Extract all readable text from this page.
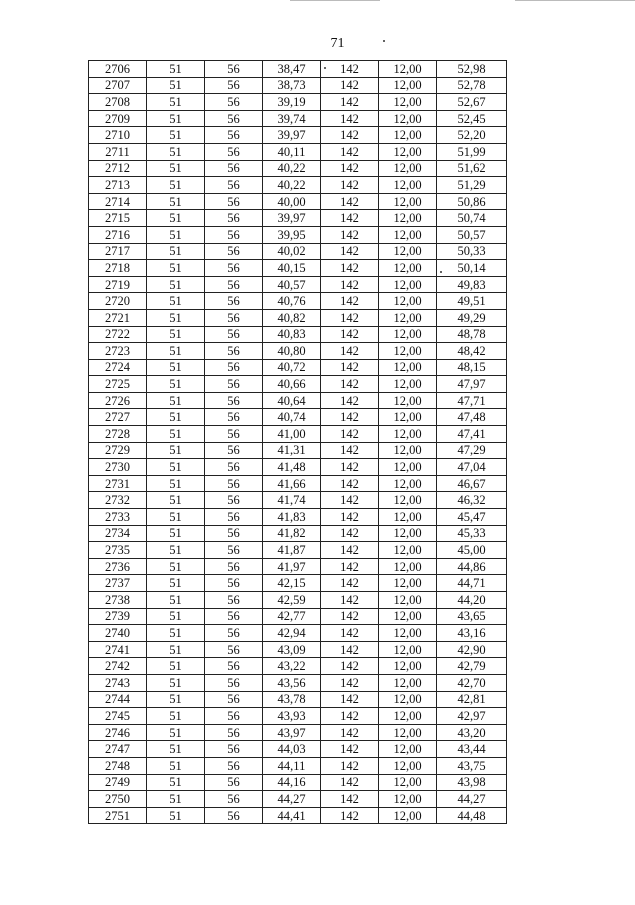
71
2706	51	56	38,47	142	12,00	52,98
2707	51	56	38,73	142	12,00	52,78
2708	51	56	39,19	142	12,00	52,67
2709	51	56	39,74	142	12,00	52,45
2710	51	56	39,97	142	12,00	52,20
2711	51	56	40,11	142	12,00	51,99
2712	51	56	40,22	142	12,00	51,62
2713	51	56	40,22	142	12,00	51,29
2714	51	56	40,00	142	12,00	50,86
2715	51	56	39,97	142	12,00	50,74
2716	51	56	39,95	142	12,00	50,57
2717	51	56	40,02	142	12,00	50,33
2718	51	56	40,15	142	12,00	50,14
2719	51	56	40,57	142	12,00	49,83
2720	51	56	40,76	142	12,00	49,51
2721	51	56	40,82	142	12,00	49,29
2722	51	56	40,83	142	12,00	48,78
2723	51	56	40,80	142	12,00	48,42
2724	51	56	40,72	142	12,00	48,15
2725	51	56	40,66	142	12,00	47,97
2726	51	56	40,64	142	12,00	47,71
2727	51	56	40,74	142	12,00	47,48
2728	51	56	41,00	142	12,00	47,41
2729	51	56	41,31	142	12,00	47,29
2730	51	56	41,48	142	12,00	47,04
2731	51	56	41,66	142	12,00	46,67
2732	51	56	41,74	142	12,00	46,32
2733	51	56	41,83	142	12,00	45,47
2734	51	56	41,82	142	12,00	45,33
2735	51	56	41,87	142	12,00	45,00
2736	51	56	41,97	142	12,00	44,86
2737	51	56	42,15	142	12,00	44,71
2738	51	56	42,59	142	12,00	44,20
2739	51	56	42,77	142	12,00	43,65
2740	51	56	42,94	142	12,00	43,16
2741	51	56	43,09	142	12,00	42,90
2742	51	56	43,22	142	12,00	42,79
2743	51	56	43,56	142	12,00	42,70
2744	51	56	43,78	142	12,00	42,81
2745	51	56	43,93	142	12,00	42,97
2746	51	56	43,97	142	12,00	43,20
2747	51	56	44,03	142	12,00	43,44
2748	51	56	44,11	142	12,00	43,75
2749	51	56	44,16	142	12,00	43,98
2750	51	56	44,27	142	12,00	44,27
2751	51	56	44,41	142	12,00	44,48
